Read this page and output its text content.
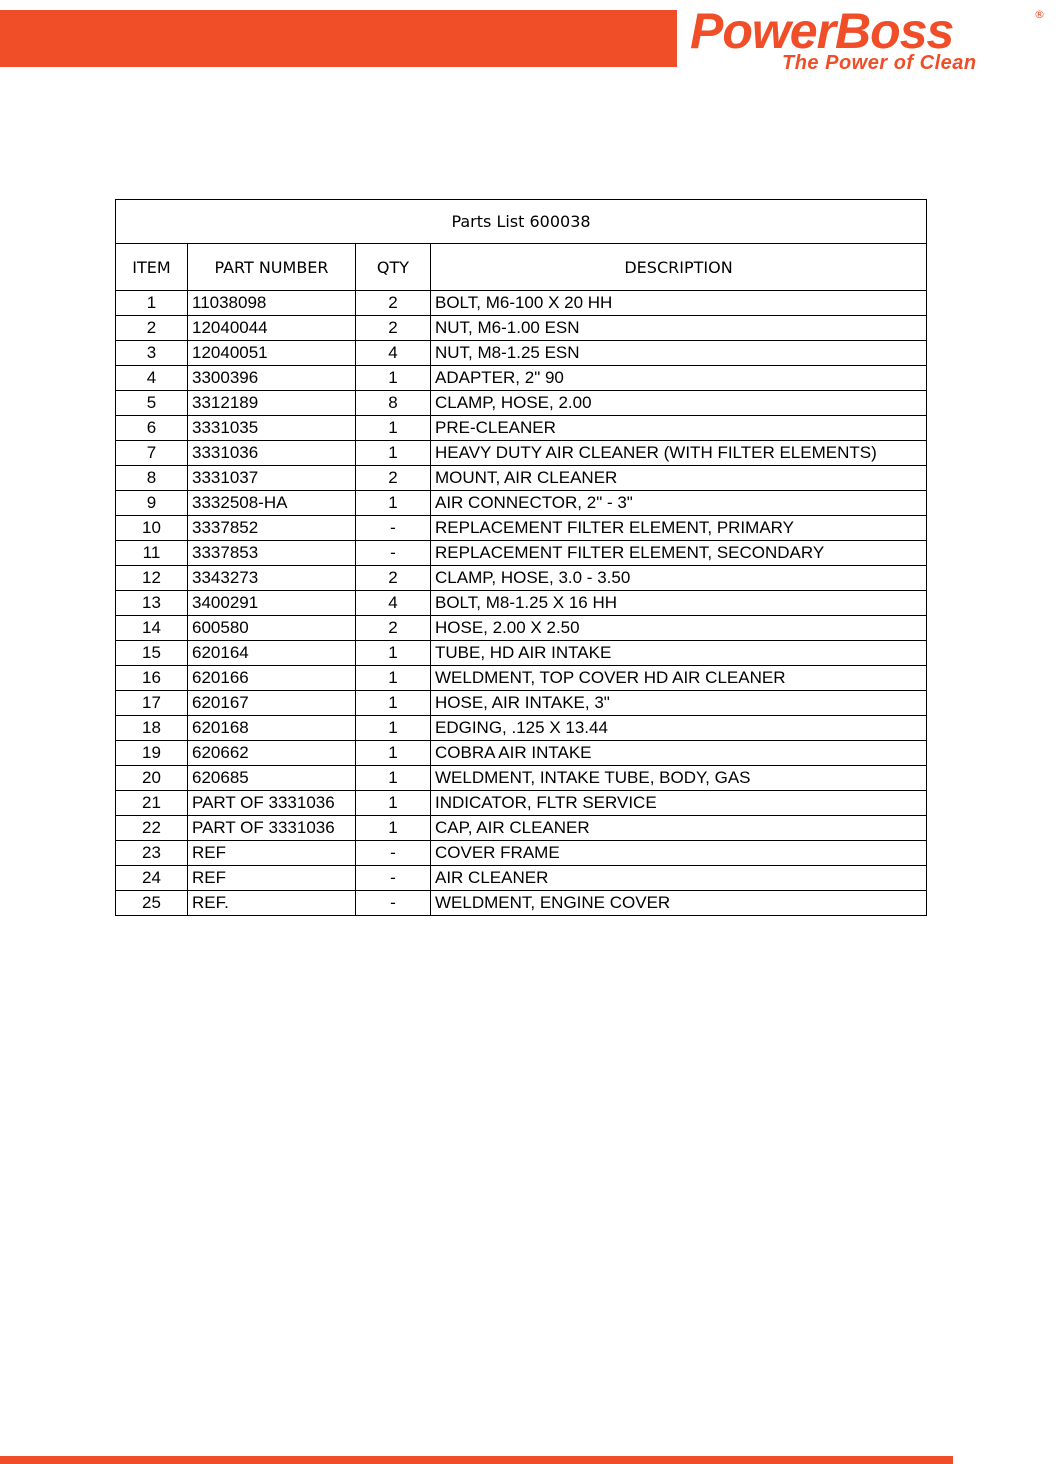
PowerBoss	®
The Power of Clean
Parts List 600038			
ITEM	PART NUMBER	QTY	DESCRIPTION
1	11038098	2	BOLT, M6-100 X 20 HH
2	12040044	2	NUT, M6-1.00 ESN
3	12040051	4	NUT, M8-1.25 ESN
4	3300396	1	ADAPTER, 2" 90
5	3312189	8	CLAMP, HOSE, 2.00
6	3331035	1	PRE-CLEANER
7	3331036	1	HEAVY DUTY AIR CLEANER (WITH FILTER ELEMENTS)
8	3331037	2	MOUNT, AIR CLEANER
9	3332508-HA	1	AIR CONNECTOR, 2" - 3"
10	3337852	-	REPLACEMENT FILTER ELEMENT, PRIMARY
11	3337853	-	REPLACEMENT FILTER ELEMENT, SECONDARY
12	3343273	2	CLAMP, HOSE, 3.0 - 3.50
13	3400291	4	BOLT, M8-1.25 X 16 HH
14	600580	2	HOSE, 2.00 X 2.50
15	620164	1	TUBE, HD AIR INTAKE
16	620166	1	WELDMENT, TOP COVER HD AIR CLEANER
17	620167	1	HOSE, AIR INTAKE, 3"
18	620168	1	EDGING, .125 X 13.44
19	620662	1	COBRA AIR INTAKE
20	620685	1	WELDMENT, INTAKE TUBE, BODY, GAS
21	PART OF 3331036	1	INDICATOR, FLTR SERVICE
22	PART OF 3331036	1	CAP, AIR CLEANER
23	REF	-	COVER FRAME
24	REF	-	AIR CLEANER
25	REF.	-	WELDMENT, ENGINE COVER
